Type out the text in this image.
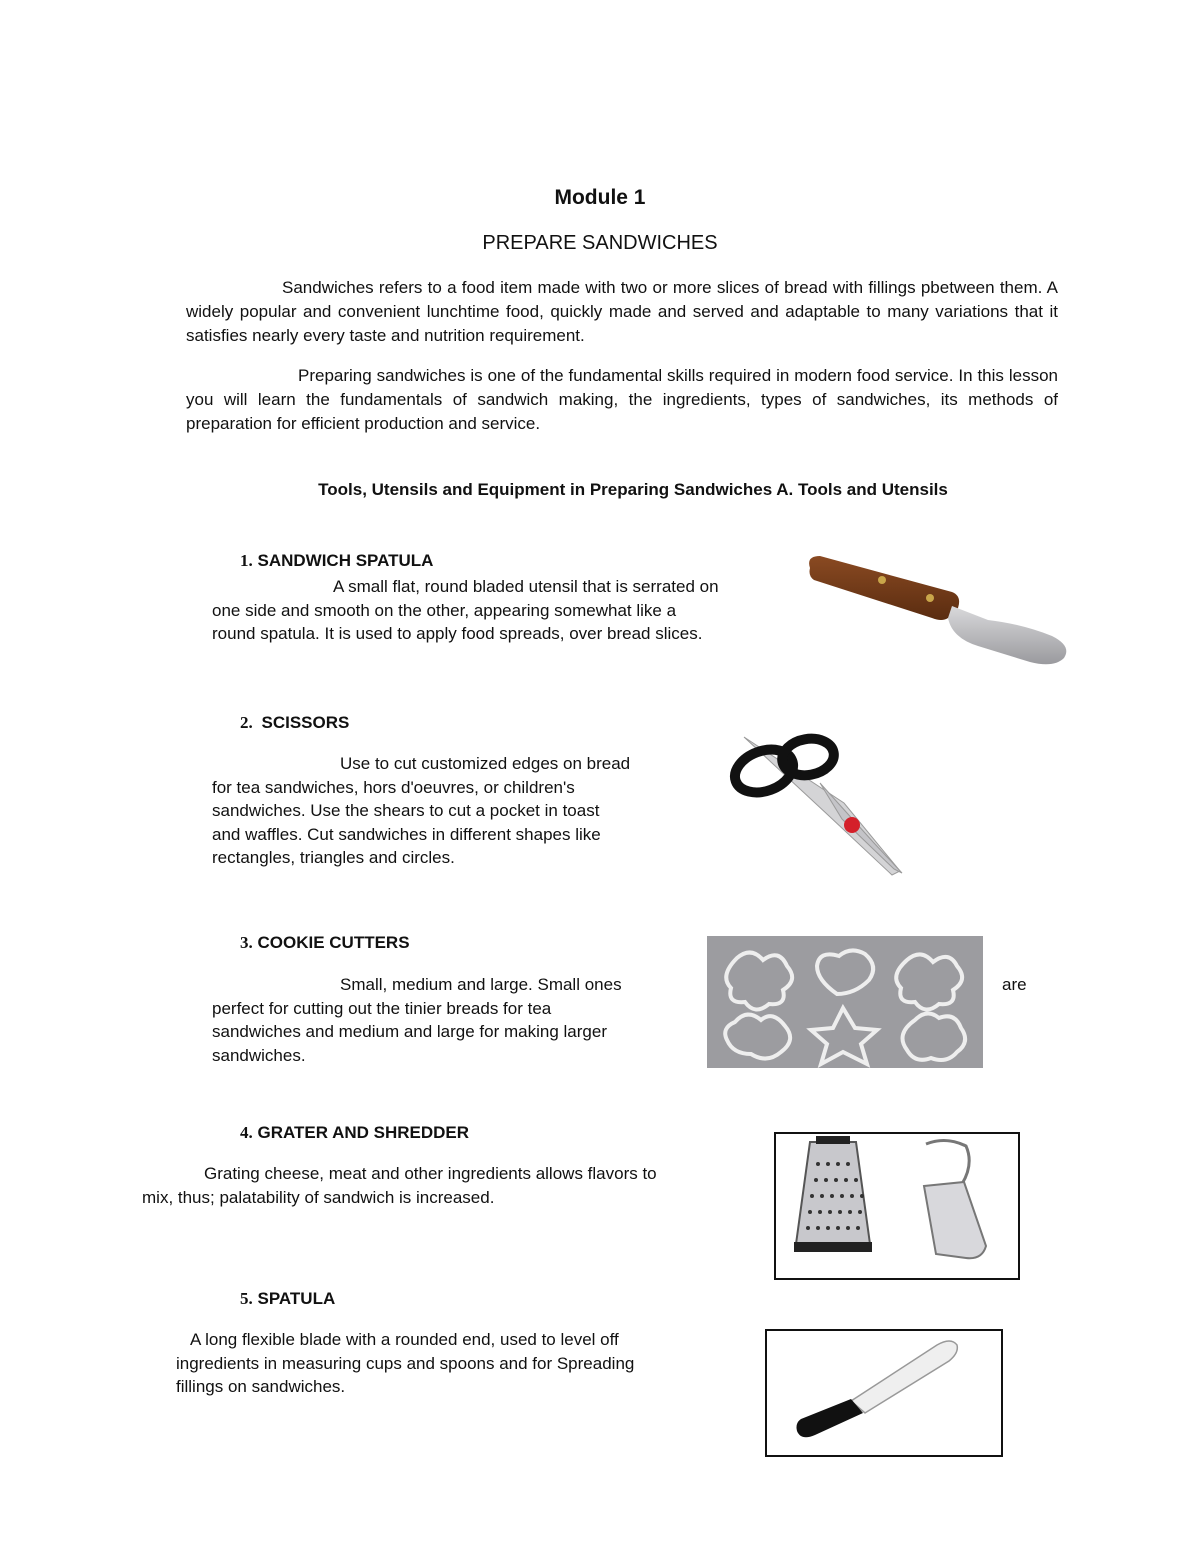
Module 1
PREPARE SANDWICHES

Sandwiches refers to a food item made with two or more slices of bread with fillings pbetween them. A widely popular and convenient lunchtime food, quickly made and served and adaptable to many variations that it satisfies nearly every taste and nutrition requirement.

Preparing sandwiches is one of the fundamental skills required in modern food service. In this lesson you will learn the fundamentals of sandwich making, the ingredients, types of sandwiches, its methods of preparation for efficient production and service.

Tools, Utensils and Equipment in Preparing Sandwiches A. Tools and Utensils
1. SANDWICH SPATULA

A small flat, round bladed utensil that is serrated on

one side and smooth on the other, appearing somewhat like a

round spatula. It is used to apply food spreads, over bread slices.

2. SCISSORS

Use to cut customized edges on bread

for tea sandwiches, hors d'oeuvres, or children's

sandwiches. Use the shears to cut a pocket in toast

and waffles. Cut sandwiches in different shapes like

rectangles, triangles and circles.

3. COOKIE CUTTERS

Small, medium and large. Small ones

perfect for cutting out the tinier breads for tea

sandwiches and medium and large for making larger

sandwiches.

are
4. GRATER AND SHREDDER

Grating cheese, meat and other ingredients allows flavors to

mix, thus; palatability of sandwich is increased.

5. SPATULA

A long flexible blade with a rounded end, used to level off

ingredients in measuring cups and spoons and for Spreading

fillings on sandwiches.
